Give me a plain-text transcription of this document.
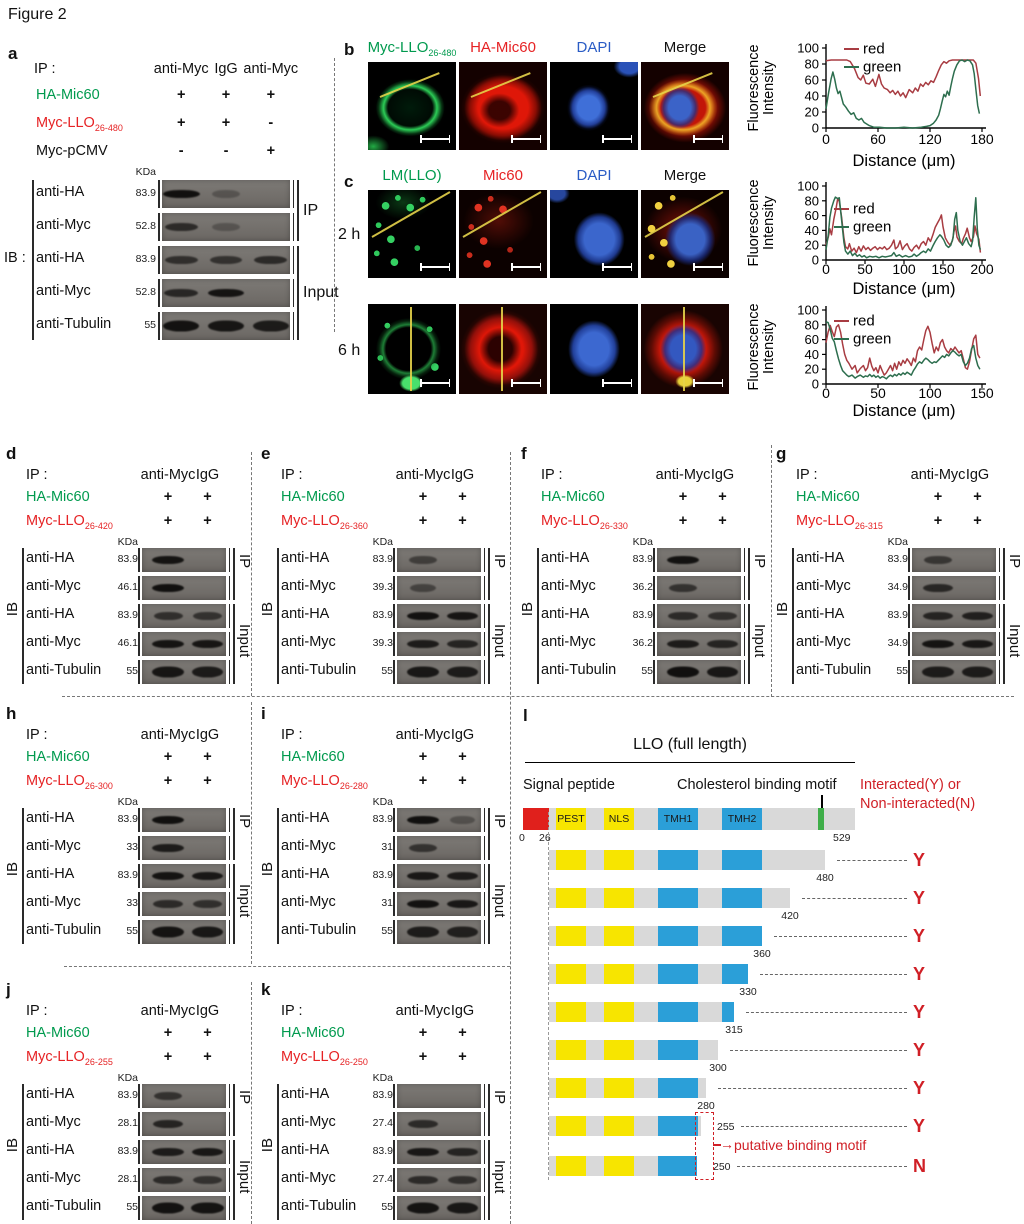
Figure 2
a
IP :	anti-Myc IgG anti-Myc
HA-Mic60	+	+	+
Myc-$LLO_{26-480}$	+	+	-
Myc-pCMV	-	-	+
KDa
anti-HA	83.9
anti-Myc	52.8
anti-HA	83.9
anti-Myc	52.8
anti-Tubulin	55
IB :
IP
Input
d
IP :	anti-Myc IgG
HA-Mic60	+	+
Myc-$LLO_{26-420}$	+	+
KDa
anti-HA	83.9
anti-Myc	46.1
anti-HA	83.9
anti-Myc	46.1
anti-Tubulin	55
IB
IP
Input
e
IP :	anti-Myc IgG
HA-Mic60	+	+
Myc-$LLO_{26-360}$	+	+
KDa
anti-HA	83.9
anti-Myc	39.3
anti-HA	83.9
anti-Myc	39.3
anti-Tubulin	55
IB
IP
Input
f
IP :	anti-Myc IgG
HA-Mic60	+	+
Myc-$LLO_{26-330}$	+	+
KDa
anti-HA	83.9
anti-Myc	36.2
anti-HA	83.9
anti-Myc	36.2
anti-Tubulin	55
IB
IP
Input
g
IP :	anti-Myc IgG
HA-Mic60	+	+
Myc-$LLO_{26-315}$	+	+
KDa
anti-HA	83.9
anti-Myc	34.9
anti-HA	83.9
anti-Myc	34.9
anti-Tubulin	55
IB
IP
Input
h
IP :	anti-Myc IgG
HA-Mic60	+	+
Myc-$LLO_{26-300}$	+	+
KDa
anti-HA	83.9
anti-Myc	33
anti-HA	83.9
anti-Myc	33
anti-Tubulin	55
IB
IP
Input
i
IP :	anti-Myc IgG
HA-Mic60	+	+
Myc-$LLO_{26-280}$	+	+
KDa
anti-HA	83.9
anti-Myc	31
anti-HA	83.9
anti-Myc	31
anti-Tubulin	55
IB
IP
Input
j
IP :	anti-Myc IgG
HA-Mic60	+	+
Myc-$LLO_{26-255}$	+	+
KDa
anti-HA	83.9
anti-Myc	28.1
anti-HA	83.9
anti-Myc	28.1
anti-Tubulin	55
IB
IP
Input
k
IP :	anti-Myc IgG
HA-Mic60	+	+
Myc-$LLO_{26-250}$	+	+
KDa
anti-HA	83.9
anti-Myc	27.4
anti-HA	83.9
anti-Myc	27.4
anti-Tubulin	55
IB
IP
Input
b Myc-$LLO_{26-480}$ HA-Mic60	DAPI	Merge
c	LM(LLO)	Mic60	DAPI	Merge
2 h
6 h
0
20
40
60
80
100
0	60 120 180
FluorescenceIntensity
Distance (μm)
red
green
0
20
40
60
80
100
0 50 100 150 200
FluorescenceIntensity
Distance (μm)
red
green
0
20
40
60
80
100
0	50 100 150
FluorescenceIntensity
Distance (μm)
red
green
l
LLO (full length)
Signal peptide	Cholesterol binding motif Interacted(Y) or
Non-interacted(N)
PEST	NLS	TMH1	TMH2
0 26	529
480
Y
420
Y
360
Y
330
Y
315
Y
300
Y
280
Y
255	Y
250	N
→ putative binding motif
